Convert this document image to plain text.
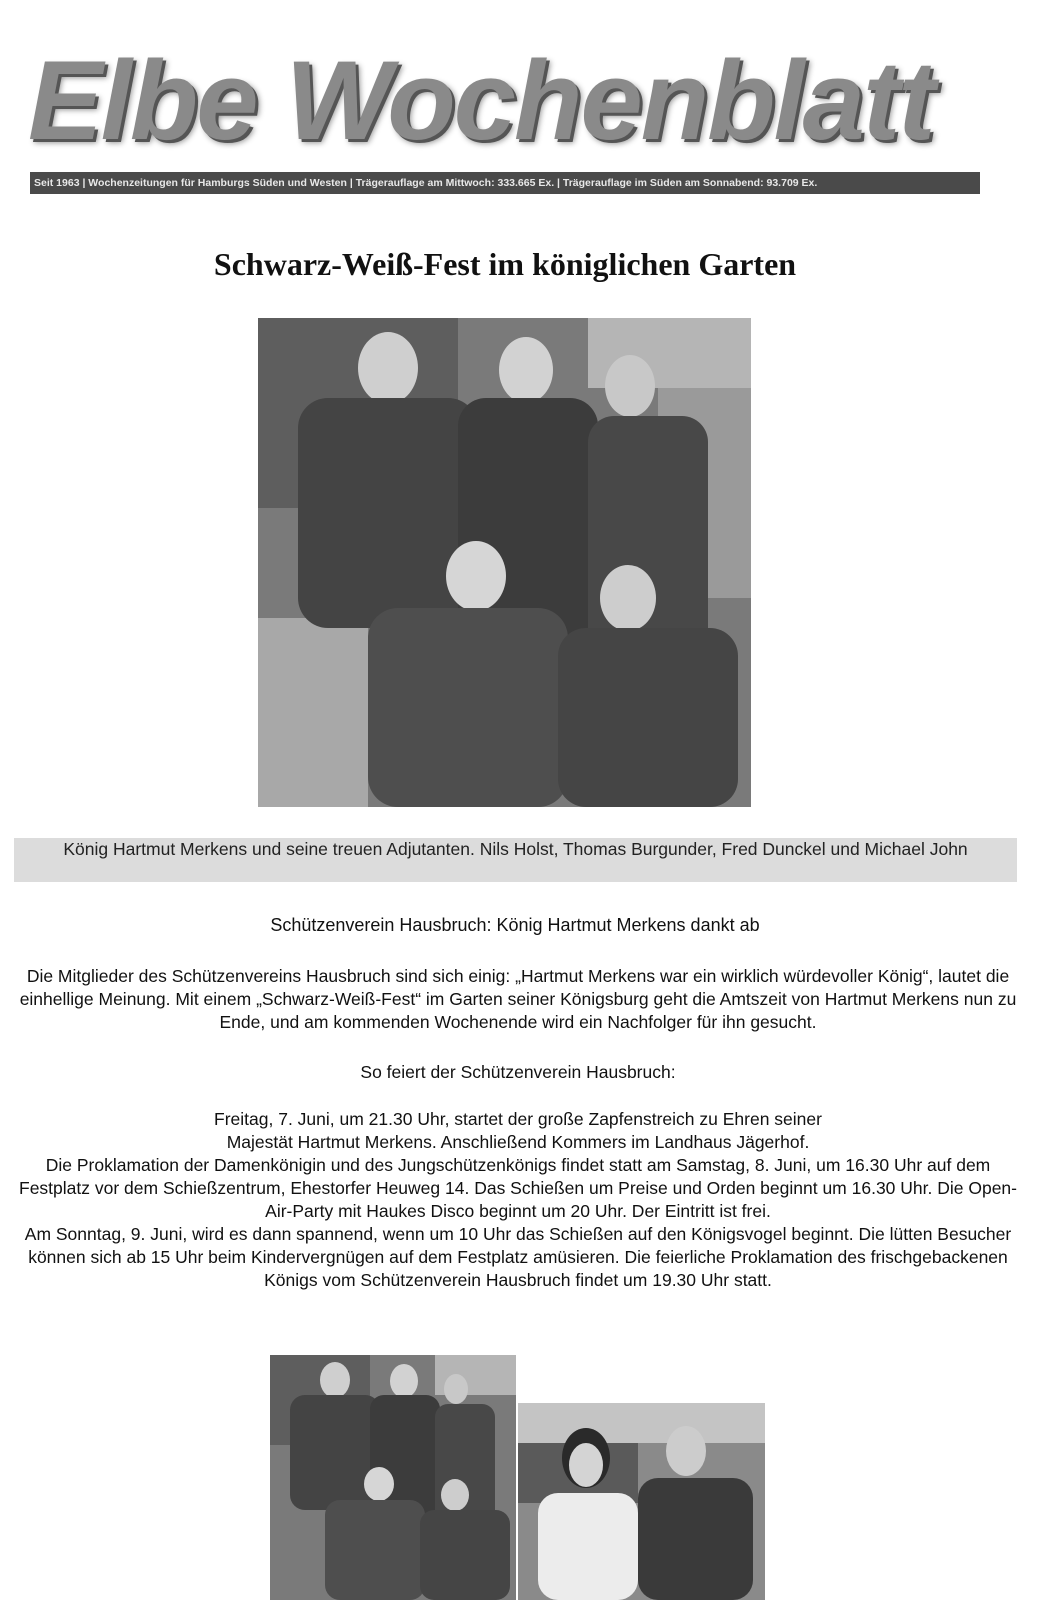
Elbe Wochenblatt
Seit 1963 | Wochenzeitungen für Hamburgs Süden und Westen | Trägerauflage am Mittwoch: 333.665 Ex. | Trägerauflage im Süden am Sonnabend: 93.709 Ex.
Schwarz-Weiß-Fest im königlichen Garten
König Hartmut Merkens und seine treuen Adjutanten. Nils Holst, Thomas Burgunder, Fred Dunckel und Michael John
Schützenverein Hausbruch: König Hartmut Merkens dankt ab

Die Mitglieder des Schützenvereins Hausbruch sind sich einig: „Hartmut Merkens war ein wirklich würdevoller König“, lautet die einhellige Meinung. Mit einem „Schwarz-Weiß-Fest“ im Garten seiner Königsburg geht die Amtszeit von Hartmut Merkens nun zu Ende, und am kommenden Wochenende wird ein Nachfolger für ihn gesucht.

So feiert der Schützenverein Hausbruch:

Freitag, 7. Juni, um 21.30 Uhr, startet der große Zapfenstreich zu Ehren seiner
Majestät Hartmut Merkens. Anschließend Kommers im Landhaus Jägerhof.
Die Proklamation der Damenkönigin und des Jungschützenkönigs findet statt am Samstag, 8. Juni, um 16.30 Uhr auf dem Festplatz vor dem Schießzentrum, Ehestorfer Heuweg 14. Das Schießen um Preise und Orden beginnt um 16.30 Uhr. Die Open-Air-Party mit Haukes Disco beginnt um 20 Uhr. Der Eintritt ist frei.
Am Sonntag, 9. Juni, wird es dann spannend, wenn um 10 Uhr das Schießen auf den Königsvogel beginnt. Die lütten Besucher können sich ab 15 Uhr beim Kindervergnügen auf dem Festplatz amüsieren. Die feierliche Proklamation des frischgebackenen Königs vom Schützenverein Hausbruch findet um 19.30 Uhr statt.
